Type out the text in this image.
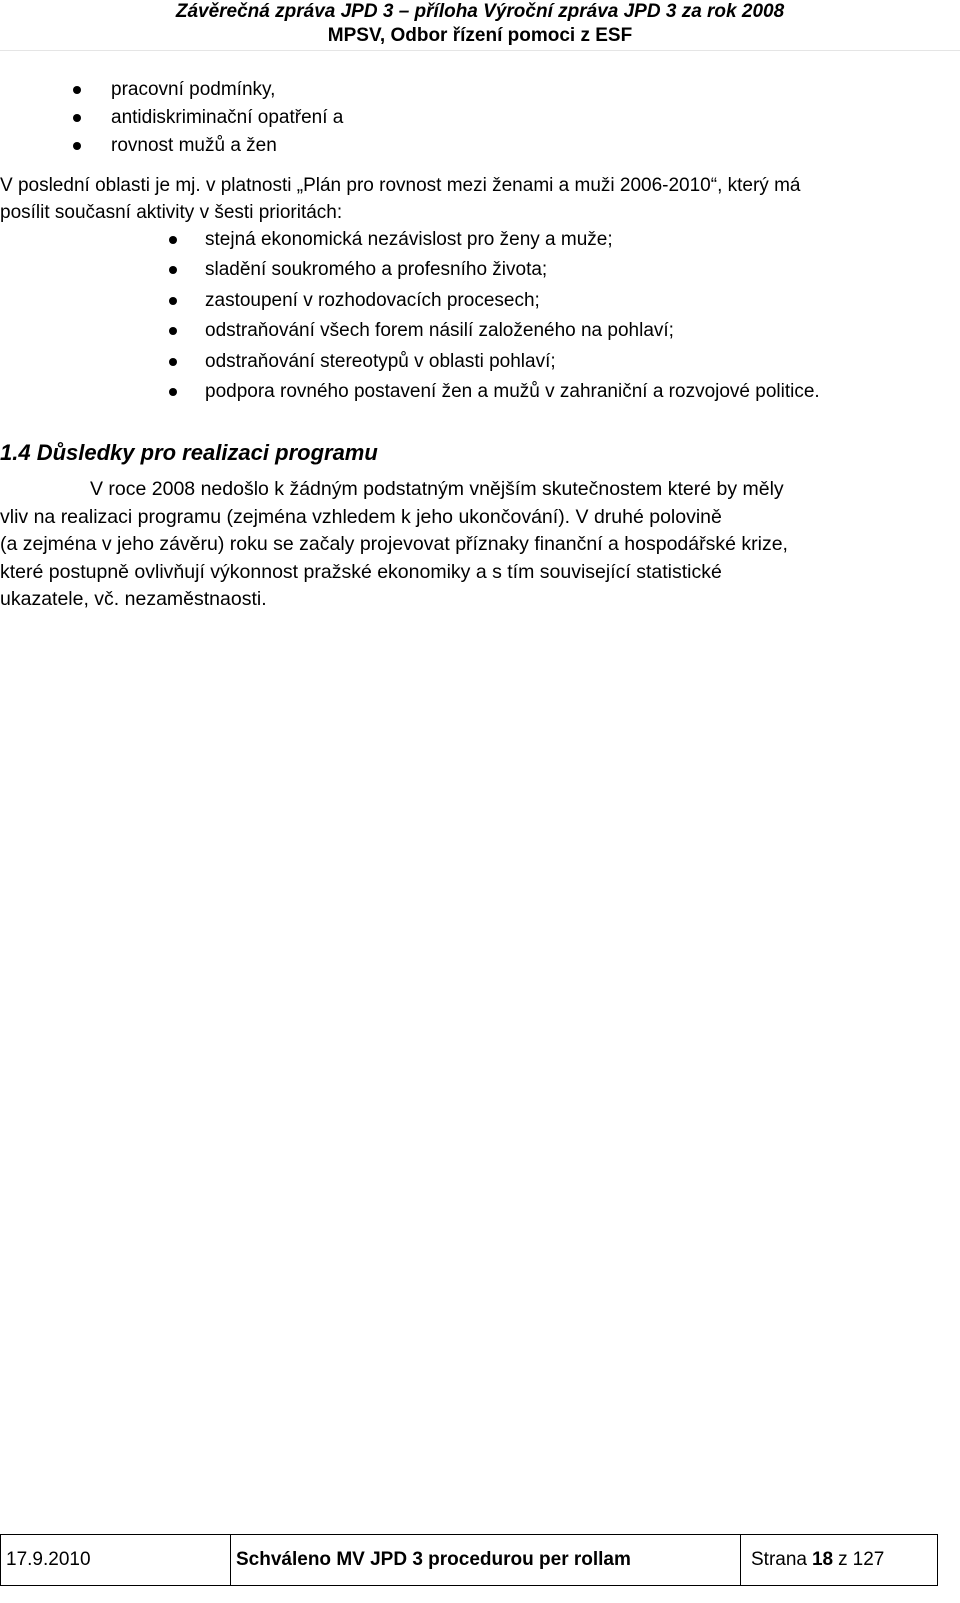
Závěrečná zpráva JPD 3 – příloha Výroční zpráva JPD 3 za rok 2008
MPSV, Odbor řízení pomoci z ESF
pracovní podmínky,
antidiskriminační opatření a
rovnost mužů a žen
V poslední oblasti je mj. v platnosti „Plán pro rovnost mezi ženami a muži 2006-2010“, který má
posílit současní aktivity v šesti prioritách:
stejná ekonomická nezávislost pro ženy a muže;
sladění soukromého a profesního života;
zastoupení v rozhodovacích procesech;
odstraňování všech forem násilí založeného na pohlaví;
odstraňování stereotypů v oblasti pohlaví;
podpora rovného postavení žen a mužů v zahraniční a rozvojové politice.
1.4 Důsledky pro realizaci programu
V roce 2008 nedošlo k žádným podstatným vnějším skutečnostem které by měly
vliv na realizaci programu (zejména vzhledem k jeho ukončování). V druhé polovině
(a zejména v jeho závěru) roku se začaly projevovat příznaky finanční a hospodářské krize,
které postupně ovlivňují výkonnost pražské ekonomiky a s tím související statistické
ukazatele, vč. nezaměstnaosti.
17.9.2010	Schváleno MV JPD 3 procedurou per rollam	Strana 18 z 127
